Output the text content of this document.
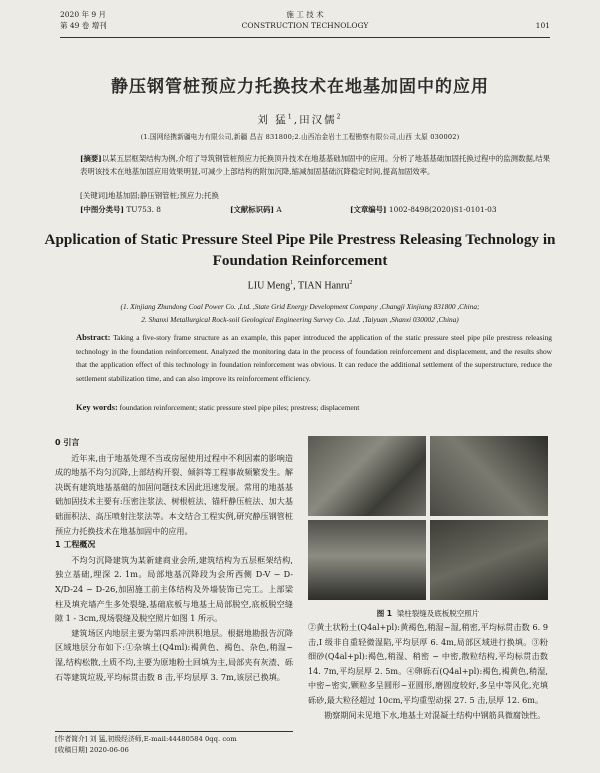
2020 年 9 月
第 49 卷 增刊
施 工 技 术
CONSTRUCTION TECHNOLOGY	101
静压钢管桩预应力托换技术在地基加固中的应用
刘 猛$^1$,田汉儒$^2$
(1.国网经携新疆电力有限公司,新疆 昌吉 831800;2.山西冶金岩土工程勘察有限公司,山西 太原 030002)
[摘要]以某五层框架结构为例,介绍了导筑钢管桩预应力托换顶升技术在地基基础加固中的应用。分析了地基基础加固托换过程中的监测数据,结果表明该技术在地基加固应用效果明显,可减少上部结构的附加沉降,缩减加固基础沉降稳定时间,提高加固效率。
[关键词]地基加固;静压钢管桩;预应力;托换
[中图分类号] TU753. 8	[文献标识码] A	[文章编号] 1002-8498(2020)S1-0101-03
Application of Static Pressure Steel Pipe Pile Prestress Releasing Technology in Foundation Reinforcement
LIU Meng$^1$, TIAN Hanru$^2$
(1. Xinjiang Zhundong Coal Power Co. ,Ltd. ,State Grid Energy Development Company ,Changji Xinjiang 831800 ,China;
2. Shanxi Metallurgical Rock-soil Geological Engineering Survey Co. ,Ltd. ,Taiyuan ,Shanxi 030002 ,China)
Abstract: Taking a five-story frame structure as an example, this paper introduced the application of the static pressure steel pipe pile prestress releasing technology in the foundation reinforcement. Analyzed the monitoring data in the process of foundation reinforcement and displacement, and the results show that the application effect of this technology in foundation reinforcement was obvious. It can reduce the additional settlement of the superstructure, reduce the settlement stabilization time, and can also improve its reinforcement efficiency.
Key words: foundation reinforcement; static pressure steel pipe piles; prestress; displacement

0 引言

近年来,由于地基处理不当或房屋使用过程中不利因素的影响造成的地基不均匀沉降,上部结构开裂、倾斜等工程事故频繁发生。解决既有建筑地基基础的加固问题技术因此迅速发展。常用的地基基础加固技术主要有:压密注浆法、树根桩法、锚杆静压桩法、加大基础面积法、高压喷射注浆法等。本文结合工程实例,研究静压钢管桩预应力托换技术在地基加固中的应用。

1 工程概况

不均匀沉降建筑为某新建商业会所,建筑结构为五层框架结构,独立基础,埋深 2. 1m。局部地基沉降段为会所西侧 D-V ~ D-X/D-24 ~ D-26,加固施工前主体结构及外墙装饰已完工。上部梁柱及填充墙产生多处裂缝,基础底板与地基土局部脱空,底板脱空缝隙 1 - 3cm,现场裂缝及脱空照片如图 1 所示。

建筑场区内地层主要为第四系冲洪积地层。根据地勘报告沉降区域地层分布如下:①杂填土(Q4ml):褐黄色、褐色、杂色,稍湿~湿,结构松散,土质不均,主要为原地粉土回填为主,局部夹有灰渣、砾石等建筑垃圾,平均标贯击数 8 击,平均层厚 3. 7m,该层已换填。

图 1 梁柱裂缝及底板脱空照片

②黄土状粉土(Q4al+pl):黄褐色,稍湿~湿,稍密,平均标贯击数 6. 9 击,I 级非自重轻微湿陷,平均层厚 6. 4m,局部区域进行换填。③粉细砂(Q4al+pl):褐色,稍湿、稍密 ~ 中密,散粒结构,平均标贯击数 14. 7m,平均层厚 2. 5m。④卵砾石(Q4al+pl):褐色,褐黄色,稍湿,中密~密实,颗粒多呈圆形~亚圆形,磨圆度较好,多呈中等风化,充填砾砂,最大粒径超过 10cm,平均重型动探 27. 5 击,层厚 12. 6m。

勘察期间未见地下水,地基土对混凝土结构中钢筋具微腐蚀性。

[作者简介] 刘 猛,初级经济师,E-mail:44480584 0qq. com
[收稿日期] 2020-06-06
